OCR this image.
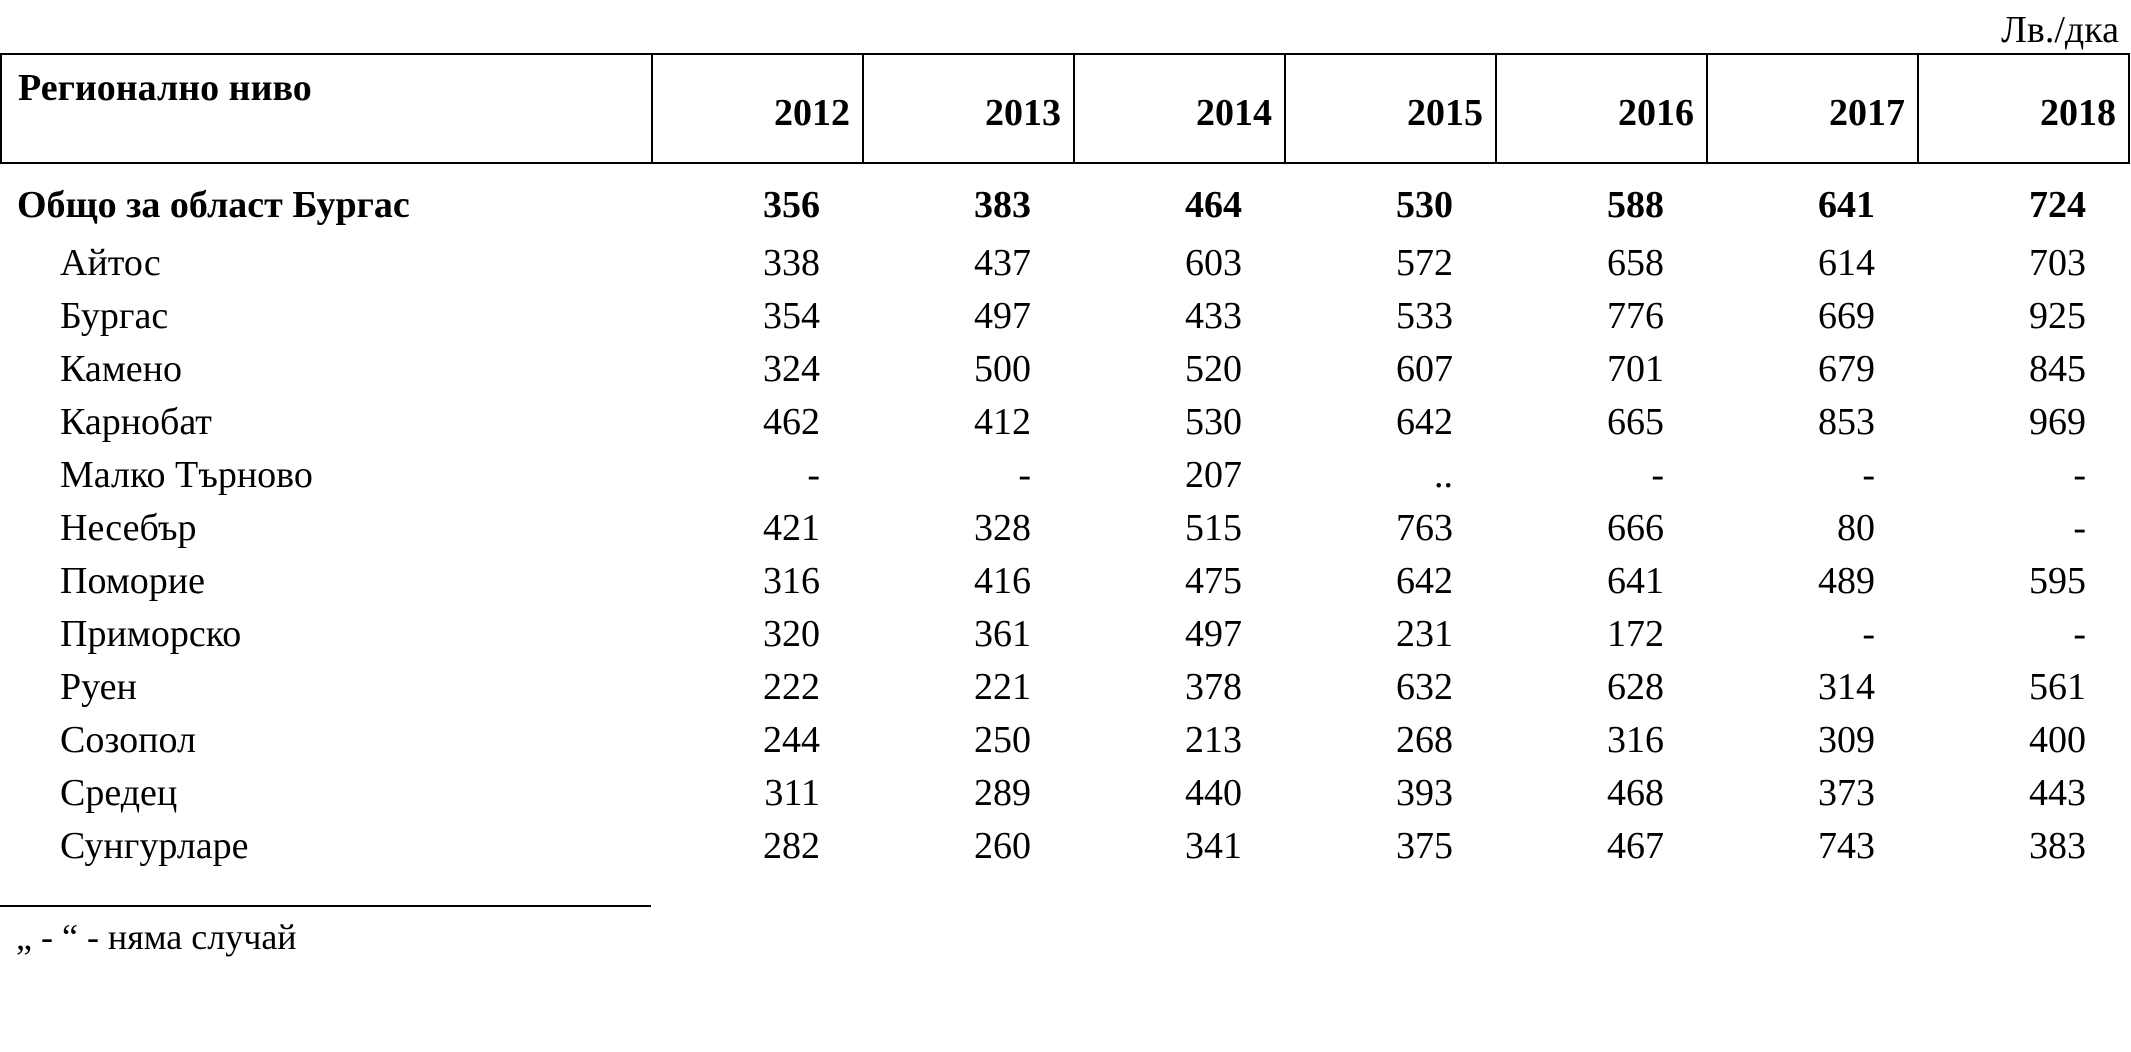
Лв./дка
Регионално ниво	2012	2013	2014	2015	2016	2017	2018

Общо за област Бургас	356	383	464	530	588	641	724
Айтос	338	437	603	572	658	614	703
Бургас	354	497	433	533	776	669	925
Камено	324	500	520	607	701	679	845
Карнобат	462	412	530	642	665	853	969
Малко Търново	-	-	207	..	-	-	-
Несебър	421	328	515	763	666	80	-
Поморие	316	416	475	642	641	489	595
Приморско	320	361	497	231	172	-	-
Руен	222	221	378	632	628	314	561
Созопол	244	250	213	268	316	309	400
Средец	311	289	440	393	468	373	443
Сунгурларе	282	260	341	375	467	743	383
„ - “ - няма случай
